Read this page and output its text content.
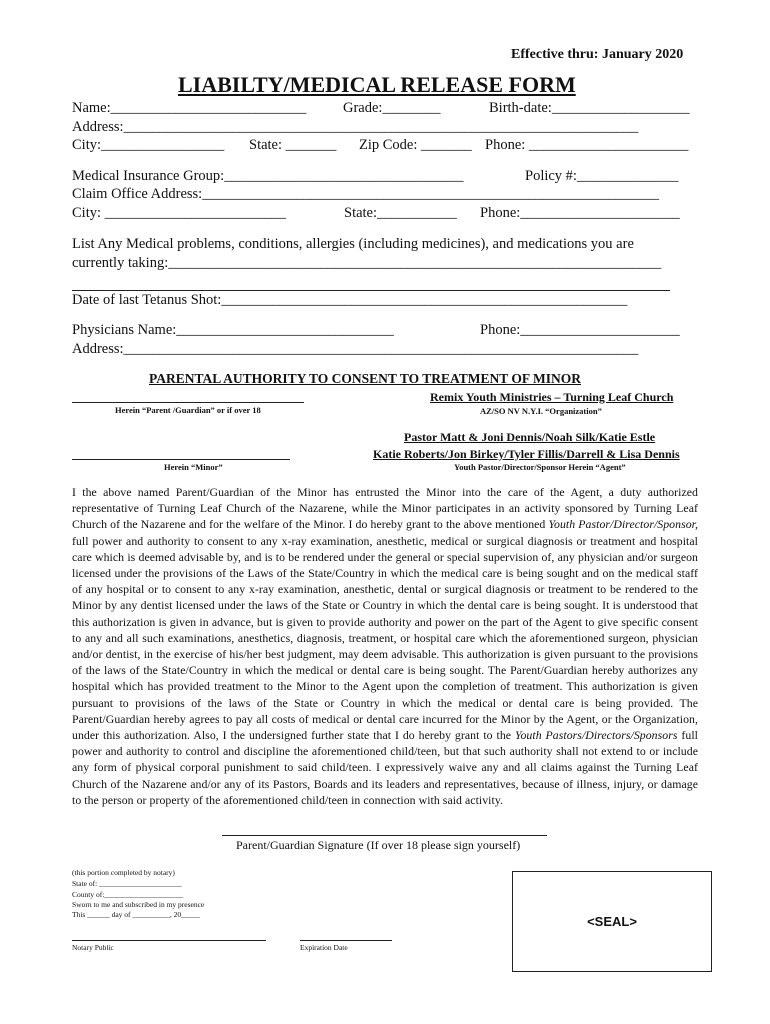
Effective thru: January 2020
LIABILTY/MEDICAL RELEASE FORM
Name:___________________________	Grade:________	Birth-date:___________________
Address:_______________________________________________________________________
City:_________________ State: _______ Zip Code: _______ Phone: ______________________
Medical Insurance Group:_________________________________	Policy #:______________
Claim Office Address:_______________________________________________________________
City: _________________________	State:___________ Phone:______________________
List Any Medical problems, conditions, allergies (including medicines), and medications you are
currently taking:____________________________________________________________________
Date of last Tetanus Shot:________________________________________________________
Physicians Name:______________________________	Phone:______________________
Address:_______________________________________________________________________
PARENTAL AUTHORITY TO CONSENT TO TREATMENT OF MINOR
Herein “Parent /Guardian” or if over 18
Remix Youth Ministries – Turning Leaf Church
AZ/SO NV N.Y.I. “Organization”
Pastor Matt & Joni Dennis/Noah Silk/Katie Estle
Katie Roberts/Jon Birkey/Tyler Fillis/Darrell & Lisa Dennis
Herein “Minor”	Youth Pastor/Director/Sponsor Herein “Agent”
I the above named Parent/Guardian of the Minor has entrusted the Minor into the care of the Agent, a duty authorized representative of Turning Leaf Church of the Nazarene, while the Minor participates in an activity sponsored by Turning Leaf Church of the Nazarene and for the welfare of the Minor. I do hereby grant to the above mentioned Youth Pastor/Director/Sponsor, full power and authority to consent to any x-ray examination, anesthetic, medical or surgical diagnosis or treatment and hospital care which is deemed advisable by, and is to be rendered under the general or special supervision of, any physician and/or surgeon licensed under the provisions of the Laws of the State/Country in which the medical care is being sought and on the medical staff of any hospital or to consent to any x-ray examination, anesthetic, dental or surgical diagnosis or treatment to be rendered to the Minor by any dentist licensed under the laws of the State or Country in which the dental care is being sought. It is understood that this authorization is given in advance, but is given to provide authority and power on the part of the Agent to give specific consent to any and all such examinations, anesthetics, diagnosis, treatment, or hospital care which the aforementioned surgeon, physician and/or dentist, in the exercise of his/her best judgment, may deem advisable. This authorization is given pursuant to the provisions of the laws of the State/Country in which the medical or dental care is being sought. The Parent/Guardian hereby authorizes any hospital which has provided treatment to the Minor to the Agent upon the completion of treatment. This authorization is given pursuant to provisions of the laws of the State or Country in which the medical or dental care is being provided. The Parent/Guardian hereby agrees to pay all costs of medical or dental care incurred for the Minor by the Agent, or the Organization, under this authorization. Also, I the undersigned further state that I do hereby grant to the Youth Pastors/Directors/Sponsors full power and authority to control and discipline the aforementioned child/teen, but that such authority shall not extend to or include any form of physical corporal punishment to said child/teen. I expressively waive any and all claims against the Turning Leaf Church of the Nazarene and/or any of its Pastors, Boards and its leaders and representatives, because of illness, injury, or damage to the person or property of the aforementioned child/teen in connection with said activity.
Parent/Guardian Signature (If over 18 please sign yourself)
(this portion completed by notary)
State of: ______________________
County of:_____________________
Sworn to me and subscribed in my presence
This ______ day of __________, 20_____
Notary Public	Expiration Date
<SEAL>
